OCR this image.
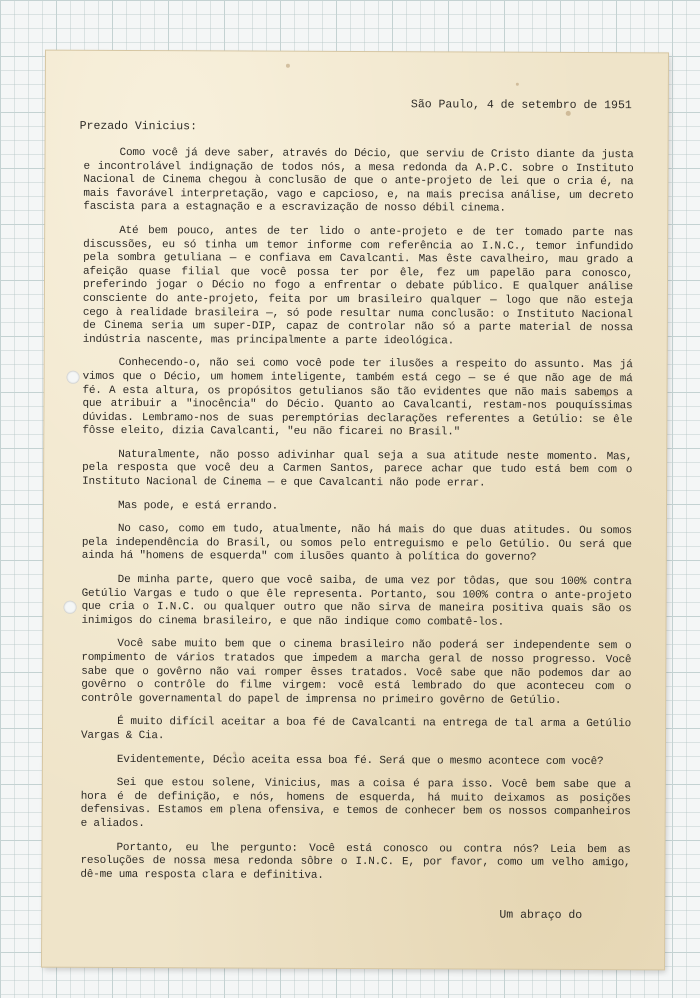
São Paulo, 4 de setembro de 1951
Prezado Vinicius:

Como você já deve saber, através do Décio, que serviu de Cristo diante da justa e incontrolável indignação de todos nós, a mesa redonda da A.P.C. sobre o Instituto Nacional de Cinema chegou à conclusão de que o ante-projeto de lei que o cria é, na mais favorável interpretação, vago e capcioso, e, na mais precisa análise, um decreto fascista para a estagnação e a escravização de nosso débil cinema.

Até bem pouco, antes de ter lido o ante-projeto e de ter tomado parte nas discussões, eu só tinha um temor informe com referência ao I.N.C., temor infundido pela sombra getuliana — e confiava em Cavalcanti. Mas êste cavalheiro, mau grado a afeição quase filial que você possa ter por êle, fez um papelão para conosco, preferindo jogar o Décio no fogo a enfrentar o debate público. E qualquer análise consciente do ante-projeto, feita por um brasileiro qualquer — logo que não esteja cego à realidade brasileira —, só pode resultar numa conclusão: o Instituto Nacional de Cinema seria um super-DIP, capaz de controlar não só a parte material de nossa indústria nascente, mas principalmente a parte ideológica.

Conhecendo-o, não sei como você pode ter ilusões a respeito do assunto. Mas já vimos que o Décio, um homem inteligente, também está cego — se é que não age de má fé. A esta altura, os propósitos getulianos são tão evidentes que não mais sabemos a que atribuir a "inocência" do Décio. Quanto ao Cavalcanti, restam-nos pouquíssimas dúvidas. Lembramo-nos de suas peremptórias declarações referentes a Getúlio: se êle fôsse eleito, dizia Cavalcanti, "eu não ficarei no Brasil."

Naturalmente, não posso adivinhar qual seja a sua atitude neste momento. Mas, pela resposta que você deu a Carmen Santos, parece achar que tudo está bem com o Instituto Nacional de Cinema — e que Cavalcanti não pode errar.

Mas pode, e está errando.

No caso, como em tudo, atualmente, não há mais do que duas atitudes. Ou somos pela independência do Brasil, ou somos pelo entreguismo e pelo Getúlio. Ou será que ainda há "homens de esquerda" com ilusões quanto à política do governo?

De minha parte, quero que você saiba, de uma vez por tôdas, que sou 100% contra Getúlio Vargas e tudo o que êle representa. Portanto, sou 100% contra o ante-projeto que cria o I.N.C. ou qualquer outro que não sirva de maneira positiva quais são os inimigos do cinema brasileiro, e que não indique como combatê-los.

Você sabe muito bem que o cinema brasileiro não poderá ser independente sem o rompimento de vários tratados que impedem a marcha geral de nosso progresso. Você sabe que o govêrno não vai romper êsses tratados. Você sabe que não podemos dar ao govêrno o contrôle do filme virgem: você está lembrado do que aconteceu com o contrôle governamental do papel de imprensa no primeiro govêrno de Getúlio.

É muito difícil aceitar a boa fé de Cavalcanti na entrega de tal arma a Getúlio Vargas & Cia.

Evidentemente, Décio aceita essa boa fé. Será que o mesmo acontece com você?

Sei que estou solene, Vinicius, mas a coisa é para isso. Você bem sabe que a hora é de definição, e nós, homens de esquerda, há muito deixamos as posições defensivas. Estamos em plena ofensiva, e temos de conhecer bem os nossos companheiros e aliados.

Portanto, eu lhe pergunto: Você está conosco ou contra nós? Leia bem as resoluções de nossa mesa redonda sôbre o I.N.C. E, por favor, como um velho amigo, dê-me uma resposta clara e definitiva.

Um abraço do
